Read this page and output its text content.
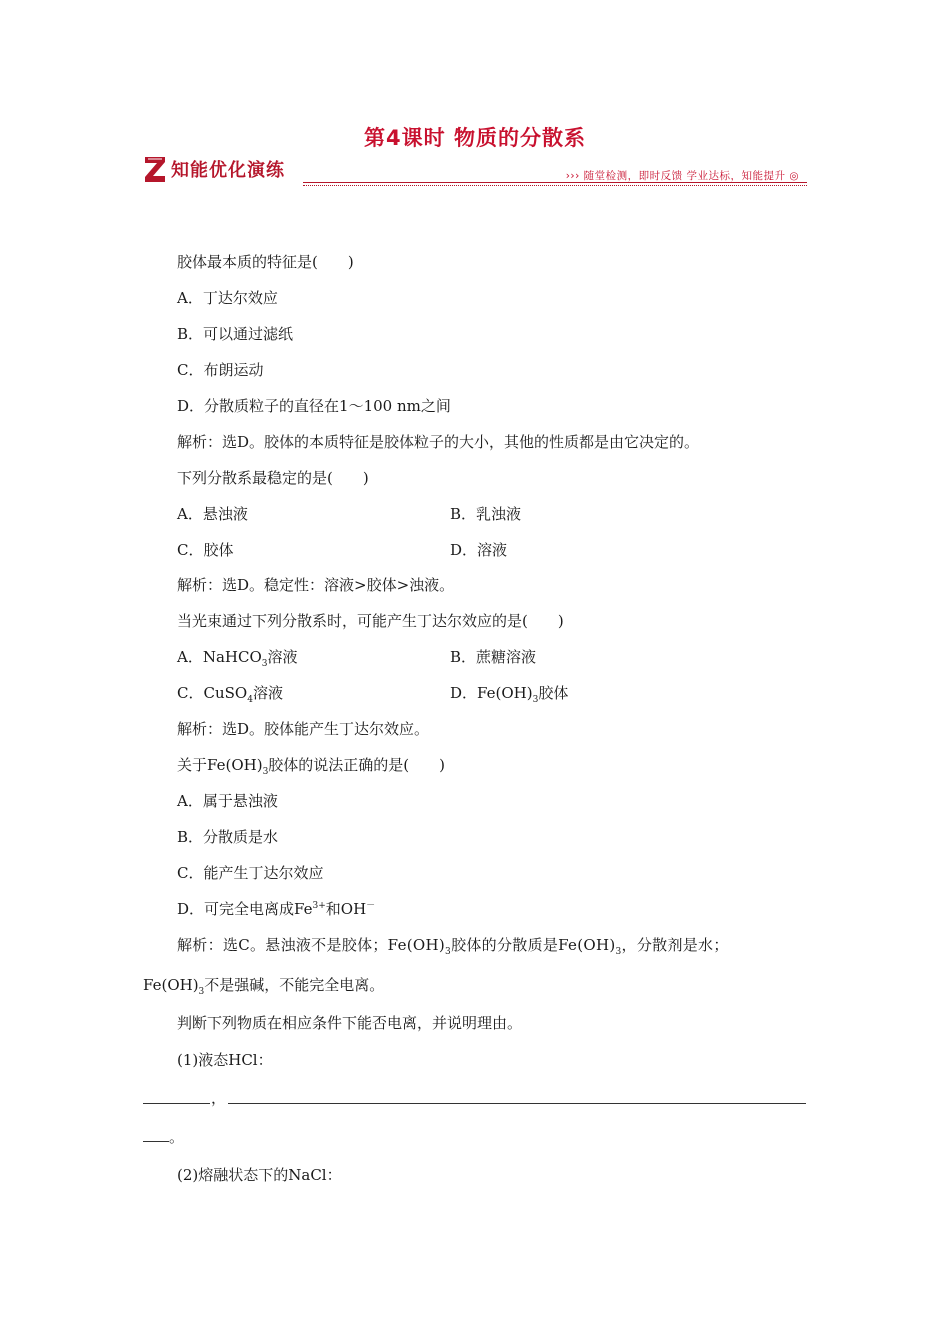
第4课时 物质的分散系
知能优化演练	››› 随堂检测，即时反馈 学业达标，知能提升 ◎
胶体最本质的特征是(　　)
A．丁达尔效应
B．可以通过滤纸
C．布朗运动
D．分散质粒子的直径在1～100 nm之间
解析：选D。胶体的本质特征是胶体粒子的大小，其他的性质都是由它决定的。
下列分散系最稳定的是(　　)
A．悬浊液	B．乳浊液
C．胶体	D．溶液
解析：选D。稳定性：溶液>胶体>浊液。
当光束通过下列分散系时，可能产生丁达尔效应的是(　　)
A．NaHCO$_3$溶液	B．蔗糖溶液
C．CuSO$_4$溶液	D．$Fe(OH)_3$胶体
解析：选D。胶体能产生丁达尔效应。
关于$Fe(OH)_3$胶体的说法正确的是(　　)
A．属于悬浊液
B．分散质是水
C．能产生丁达尔效应
D．可完全电离成$Fe^{3+}$和OH－
解析：选C。悬浊液不是胶体；$Fe(OH)_3$胶体的分散质是$Fe(OH)_3$，分散剂是水；
$Fe(OH)_3$不是强碱，不能完全电离。
判断下列物质在相应条件下能否电离，并说明理由。
(1)液态HCl：
，
。
(2)熔融状态下的NaCl：
